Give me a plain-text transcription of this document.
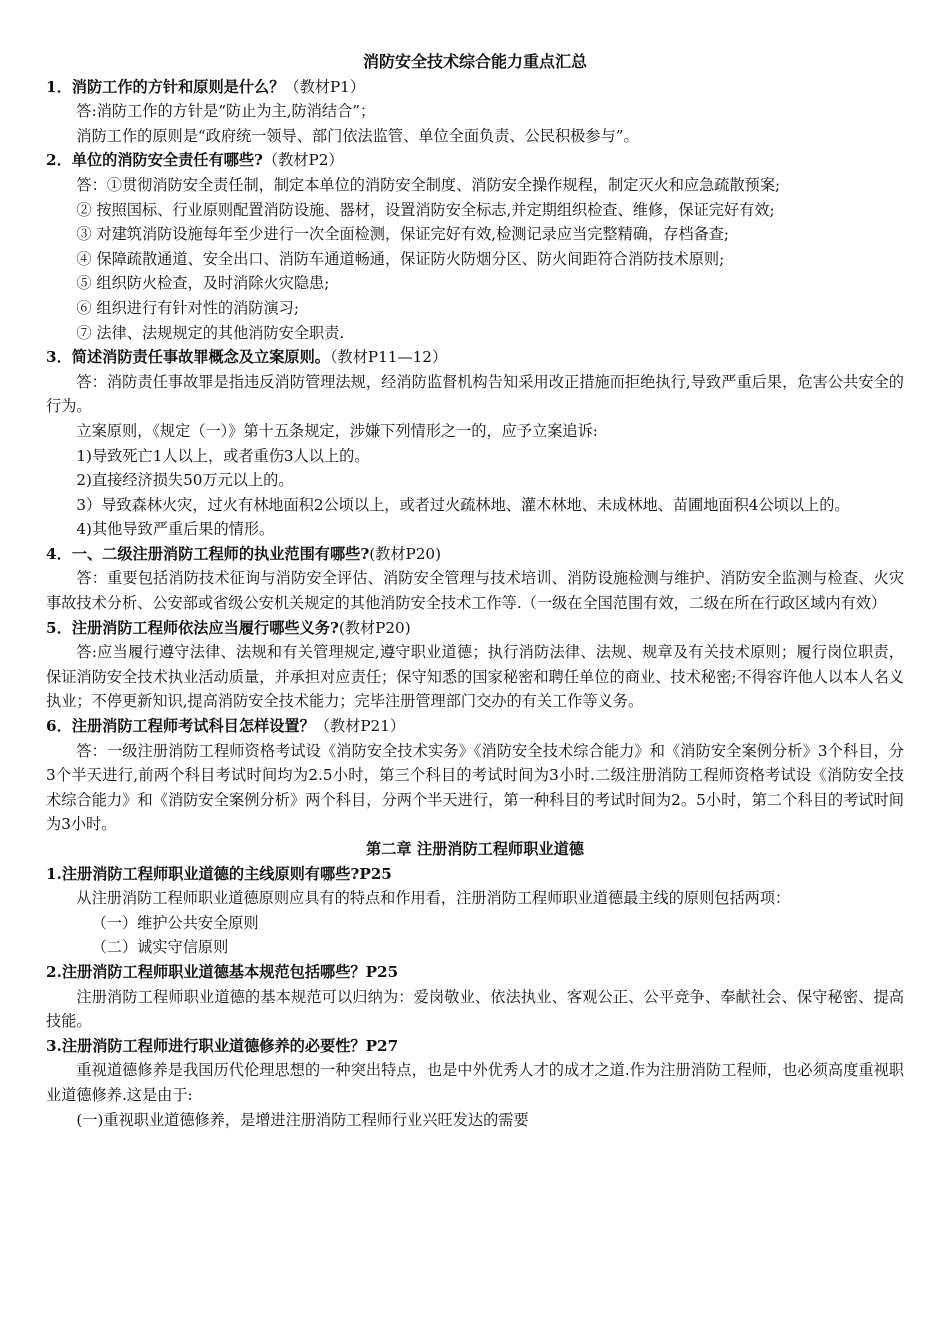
消防安全技术综合能力重点汇总
1．消防工作的方针和原则是什么？（教材P1）

答:消防工作的方针是“防止为主,防消结合”；

消防工作的原则是“政府统一领导、部门依法监管、单位全面负责、公民积极参与”。

2．单位的消防安全责任有哪些?（教材P2）

答：①贯彻消防安全责任制，制定本单位的消防安全制度、消防安全操作规程，制定灭火和应急疏散预案;

② 按照国标、行业原则配置消防设施、器材，设置消防安全标志,并定期组织检查、维修，保证完好有效;

③ 对建筑消防设施每年至少进行一次全面检测，保证完好有效,检测记录应当完整精确，存档备查;

④ 保障疏散通道、安全出口、消防车通道畅通，保证防火防烟分区、防火间距符合消防技术原则;

⑤ 组织防火检查，及时消除火灾隐患;

⑥ 组织进行有针对性的消防演习;

⑦ 法律、法规规定的其他消防安全职责.

3．简述消防责任事故罪概念及立案原则。（教材P11—12）

答：消防责任事故罪是指违反消防管理法规，经消防监督机构告知采用改正措施而拒绝执行,导致严重后果，危害公共安全的行为。

立案原则，《规定（一）》第十五条规定，涉嫌下列情形之一的，应予立案追诉:

1)导致死亡1人以上，或者重伤3人以上的。

2)直接经济损失50万元以上的。

3）导致森林火灾，过火有林地面积2公顷以上，或者过火疏林地、灌木林地、未成林地、苗圃地面积4公顷以上的。

4)其他导致严重后果的情形。

4．一、二级注册消防工程师的执业范围有哪些?(教材P20)

答：重要包括消防技术征询与消防安全评估、消防安全管理与技术培训、消防设施检测与维护、消防安全监测与检查、火灾事故技术分析、公安部或省级公安机关规定的其他消防安全技术工作等.（一级在全国范围有效，二级在所在行政区域内有效）

5．注册消防工程师依法应当履行哪些义务?(教材P20)

答:应当履行遵守法律、法规和有关管理规定,遵守职业道德；执行消防法律、法规、规章及有关技术原则；履行岗位职责，保证消防安全技术执业活动质量，并承担对应责任；保守知悉的国家秘密和聘任单位的商业、技术秘密;不得容许他人以本人名义执业；不停更新知识,提高消防安全技术能力；完毕注册管理部门交办的有关工作等义务。

6．注册消防工程师考试科目怎样设置？（教材P21）

答：一级注册消防工程师资格考试设《消防安全技术实务》《消防安全技术综合能力》和《消防安全案例分析》3个科目，分3个半天进行,前两个科目考试时间均为2.5小时，第三个科目的考试时间为3小时.二级注册消防工程师资格考试设《消防安全技术综合能力》和《消防安全案例分析》两个科目，分两个半天进行，第一种科目的考试时间为2。5小时，第二个科目的考试时间为3小时。

第二章 注册消防工程师职业道德
1.注册消防工程师职业道德的主线原则有哪些?P25

从注册消防工程师职业道德原则应具有的特点和作用看，注册消防工程师职业道德最主线的原则包括两项：

（一）维护公共安全原则

（二）诚实守信原则

2.注册消防工程师职业道德基本规范包括哪些？P25

注册消防工程师职业道德的基本规范可以归纳为：爱岗敬业、依法执业、客观公正、公平竞争、奉献社会、保守秘密、提高技能。

3.注册消防工程师进行职业道德修养的必要性？P27

重视道德修养是我国历代伦理思想的一种突出特点，也是中外优秀人才的成才之道.作为注册消防工程师，也必须高度重视职业道德修养.这是由于:

(一)重视职业道德修养，是增进注册消防工程师行业兴旺发达的需要
